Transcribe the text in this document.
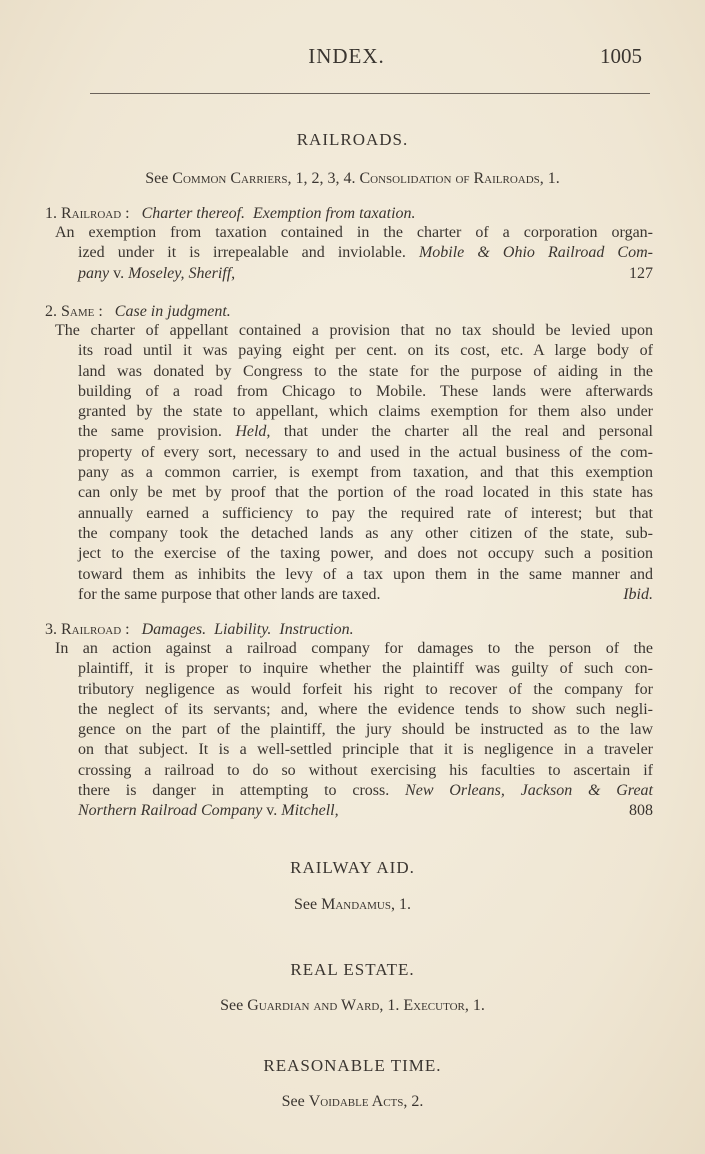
INDEX.	1005
RAILROADS.
See Common Carriers, 1, 2, 3, 4. Consolidation of Railroads, 1.
RAILWAY AID.
See Mandamus, 1.
REAL ESTATE.
See Guardian and Ward, 1. Executor, 1.
REASONABLE TIME.
See Voidable Acts, 2.
1. Railroad :   Charter thereof.  Exemption from taxation.
An exemption from taxation contained in the charter of a corporation organ-
ized under it is irrepealable and inviolable. Mobile & Ohio Railroad Com-
pany v. Moseley, Sheriff,	127
2. Same :   Case in judgment.
The charter of appellant contained a provision that no tax should be levied upon
its road until it was paying eight per cent. on its cost, etc. A large body of
land was donated by Congress to the state for the purpose of aiding in the
building of a road from Chicago to Mobile. These lands were afterwards
granted by the state to appellant, which claims exemption for them also under
the same provision. Held, that under the charter all the real and personal
property of every sort, necessary to and used in the actual business of the com-
pany as a common carrier, is exempt from taxation, and that this exemption
can only be met by proof that the portion of the road located in this state has
annually earned a sufficiency to pay the required rate of interest; but that
the company took the detached lands as any other citizen of the state, sub-
ject to the exercise of the taxing power, and does not occupy such a position
toward them as inhibits the levy of a tax upon them in the same manner and
for the same purpose that other lands are taxed.	Ibid.
3. Railroad :   Damages.  Liability.  Instruction.
In an action against a railroad company for damages to the person of the
plaintiff, it is proper to inquire whether the plaintiff was guilty of such con-
tributory negligence as would forfeit his right to recover of the company for
the neglect of its servants; and, where the evidence tends to show such negli-
gence on the part of the plaintiff, the jury should be instructed as to the law
on that subject. It is a well-settled principle that it is negligence in a traveler
crossing a railroad to do so without exercising his faculties to ascertain if
there is danger in attempting to cross. New Orleans, Jackson & Great
Northern Railroad Company v. Mitchell,	808
